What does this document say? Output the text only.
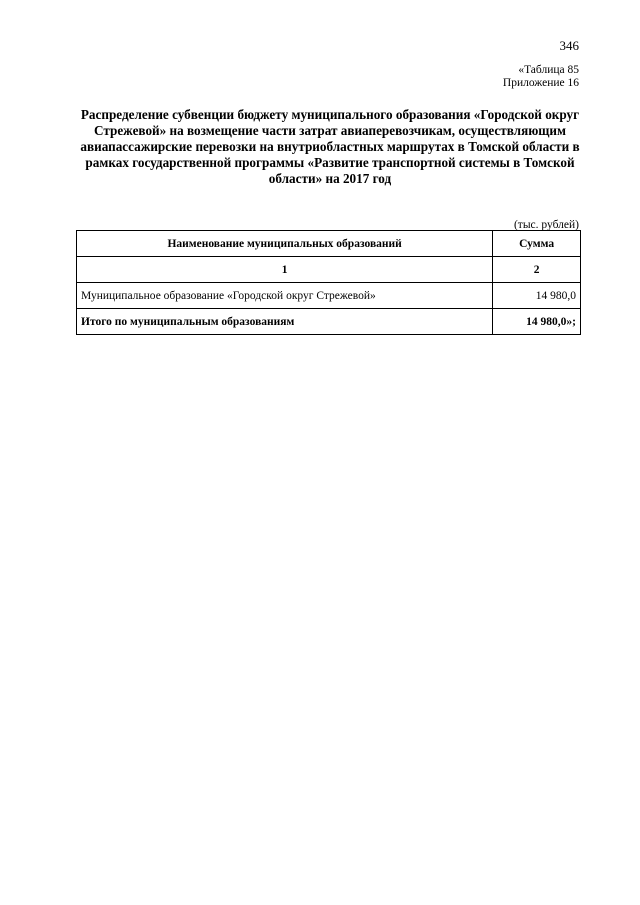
346
«Таблица 85
Приложение 16
Распределение субвенции бюджету муниципального образования «Городской округ Стрежевой» на возмещение части затрат авиаперевозчикам, осуществляющим авиапассажирские перевозки на внутриобластных маршрутах в Томской области в рамках государственной программы «Развитие транспортной системы в Томской области» на 2017 год
(тыс. рублей)
Наименование муниципальных образований	Сумма
1	2
Муниципальное образование «Городской округ Стрежевой»	14 980,0
Итого по муниципальным образованиям	14 980,0»;
